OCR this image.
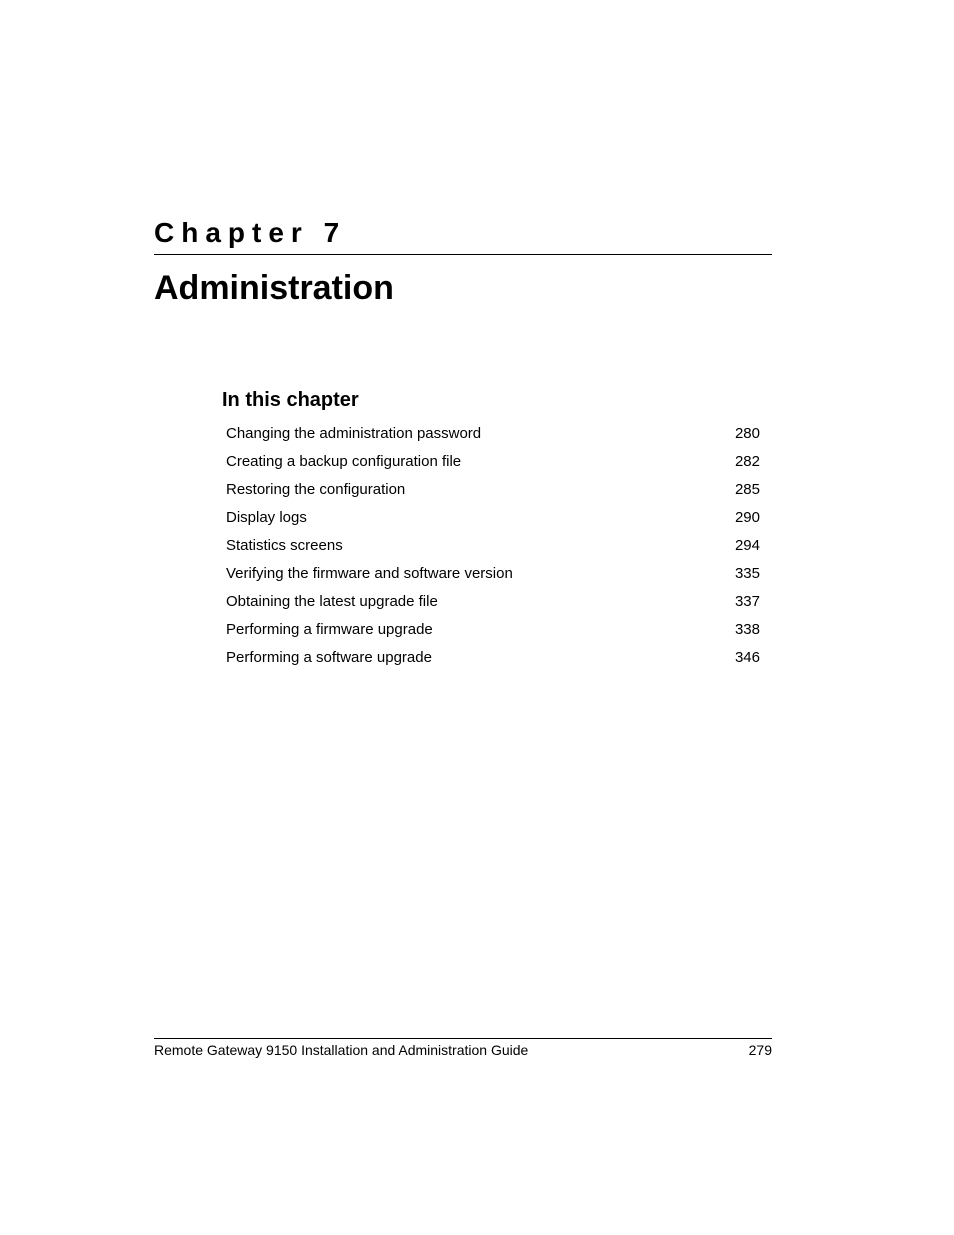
Chapter 7
Administration
In this chapter
Changing the administration password	280
Creating a backup configuration file	282
Restoring the configuration	285
Display logs	290
Statistics screens	294
Verifying the firmware and software version	335
Obtaining the latest upgrade file	337
Performing a firmware upgrade	338
Performing a software upgrade	346
Remote Gateway 9150 Installation and Administration Guide	279
